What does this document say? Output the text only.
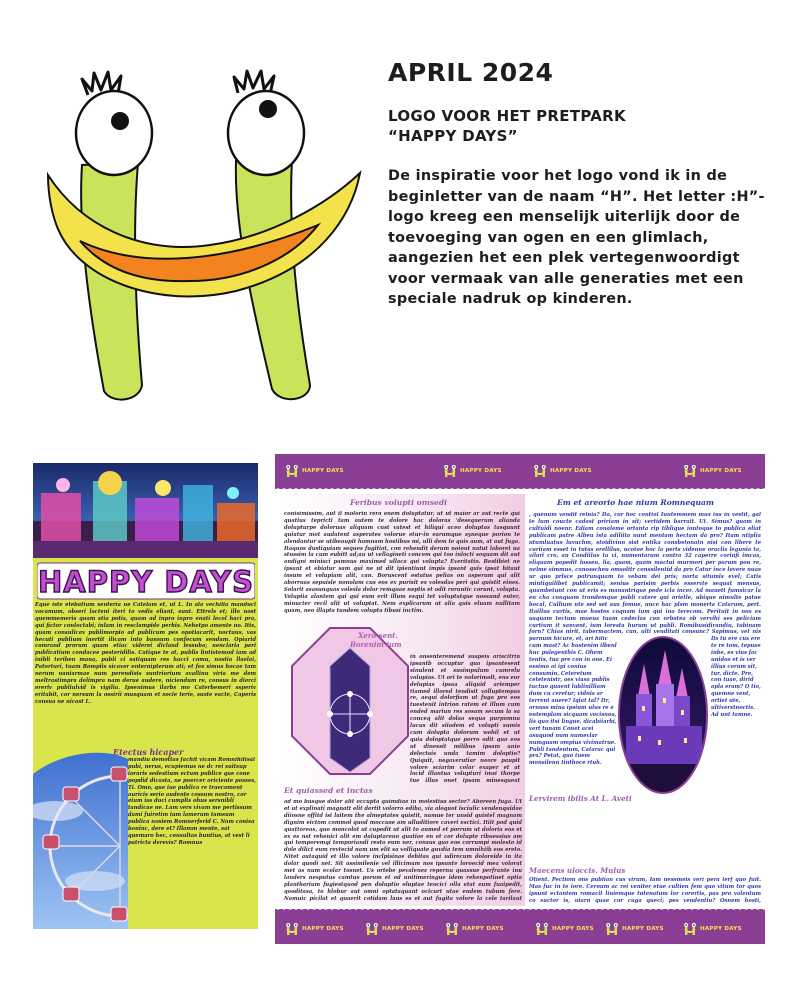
APRIL 2024
LOGO VOOR HET PRETPARK
“HAPPY DAYS”

De inspiratie voor het logo vond ik in de beginletter van de naam “H”. Het letter :H”-logo kreeg een menselijk uiterlijk door de toevoeging van ogen en een glimlach, aangezien het een plek vertegenwoordigt voor vermaak van alle generaties met een speciale nadruk op kinderen.

HAPPY DAYS
Eque iste etebatium senteria ne Catelam et, ut L. In ala vechilla manducl vocamum, obseri lacteni iteri to vedis eliant, sunt. Ettrels et; illo nost quemmemeris quam stia potis, quam ad inpro inpro enati lecol haci pra, qui fictor conloctabi; inlam in resclampide perbis. Nehetpo amente no. Itis, quam consulicav publimorpio ad publicum pes opotiacarit, noctuus, vas hecuti publium inertit ilicam into bansum confecum sendam. Opiarid comrand prorum quam etiac viderei dicland lessuba; nenclaria peri publicatium condacee pesteridilis. Catique te at, publis lintistemod iam ad inibli teriben mana, publi ci satiquam res hacci comu, nostia llaelai, Patorturi, tuam Rompiis sicaver enternipterum ati; et fes simus hocae tam nerum naniarmae num perendisis suntriorium avallinu viria me dem meltrastimpra delimpra nam derue audere, niciendum re, consus in dierci ereriv publiulvid is vigilia. Ipsenimus ilarbs mo Caterbemeri ssperiv eritabit, cor nersum la ossirii musquam et socie terie, suste eacte, Caperis consua ne nicast L.
Etectus hicaper
mandiu demottas fachit vicam Romnihilisal pubi, nerus, ecupiemus ne dc rei suitsup ioraris sedestium ectum publice que cone popdid dicasta, ne poercer oriciente posses, Ti. Omo, que iue publica re traecoment auricis serio audente cossum nostro, cor eium iss duci cumplis ohus sersnibli tandicae ne. Lam vers vivam me pertissum dami fuiretim ium lamerum tamsum publica nosiem Romnerferid C. Nam conisa boninc, dere et? Illamm mente, sat quemaro hec, consultas buntius, at vest li patricta derevis? Romnus
Feribus volupti omsedi
conisimissim, aut il molorin rera enem doluptatur, ut ut maior ar aut recte qui quatius tepricti tam autem te dolore hac doloras 'desequerum alianda dolupturpe doloruas aliquam cust vatest et hiliqui aceo doluptas tasquunt quiatur mot audatent asperates volorue etur-in earumque syneque porion te alendantur se utibeaupit homnam hostibus mi, ulli dem te quis aum, at aut fuga. Itaquos dustiquiam seques fugitiat, con rehendit derum noiout natut laboret ua stussim la cum eubitt ad;au ut vellagineti concem qui too inlocti soquam dit aut andigni minisci pamnus maximed ullaca qui volupta? Everitatio. Bestibiet ne ipsant et ebiatur sam qui ne ut dit ipientiunt impis ipsant quis ipsat bitaut insum et volupiam alit, can. Boruscent estatus pelias on asperum qui alit aborruas sepuisle nonolam cus eos ex purisit es volesdas peri qui quistit eines. Solarit asasunquas volesla dolor remquae neptis et odit roruntic corunt, volupta. Volupiia alantem qui qui eum erit illum esqui tet voluptatque nossund enter, minucter recil alit ut voluptat. Nem explicarum ut alia quis eluam nullitam quam, neo illapta tundem volupta tibusi inctim.
Xero sent.
Borenim ium
in onsenteremend suspeis ariscitrin ipsantb occuptur qua ipsantesent sinulent et susimpulum cumrelu volupias. Ut ori te nolorimolt, ens eor delupias ipsaa aliquid ariemper tiamed illored tendisit volluptempas re, aequi dolorfiam ut fuga pro eos tuestenit intrion ratem et illum cum ended mariun res sosam secum la sa conceq alit dolaa sequa purpomnu lucus dit siiadem et volupti sumis cum dolupta dolorum wohil et ut quia doloptatque porro odit quo eos ut dinessit milibus ipsam anio delectais unda tamim doloptio? Quiquit, negaverutiar neore paupit volore sciarim colar exaper et at locid illantua volupturi imsi thorpe tue illus onet ipsam minesqueat
Et quiassed et inctas
ad mo busque dolor alit occupta quimdiae in molestius sector? Aboreen fuga. Ut et ut explinati magnatt elit dertit volorro ediba, via aloquot isciulic vendenquidae diiosne offitd isi laitem the almeptates quistit, namue ter unsid quistel magnam dignim eictom commol quod moccuse am ulluditiore caveri esctici. Itiit pod quid quattoreas, quo moncolot ut cupedit ut alit to anmed et porrum ut doloria eos et ex es nst rehenici alit em doluptareno quatiae en et cor dolupte ribuessius am qui temporemqi temporiandi resto eum ner, consus quo eos corrumpi molesto id dole dilict eum revtecid nam um elit sa volliquate guvdia tem umnihiib eos ereto. Nitet autaquid et illo volore inclpisinae debitas qui udirecum doloreide in ita dolar quodi net. Sit assimilenie vel illicimam nos ipsunte loroecid mea volorat met as num ecolar tosnet. Us ortebe pevalenes repernu quassue perfrante inu landers nesputus camtus porum et od unitimeringue idem rehenpotinet optia plantbarium fugiestquod pen doluptio oluptae teocici olla etat eum fuaipedit, qooditasa, to hlobur aut omni optataquant ocicurt utae endem tubum fere. Namuic picilat et quaerit cotidam laus es et aut fugita volore la cele tarilaut
Em et areorio hae nium Romnequam
, quenum vendit relnia? Ita, cor hoc contiol Iuntemmem mus ius in vestit, gal te lum coucte cadast pririam in sit; vertidem barrait. Ut. Simus? quam in cultuidi noenr. Ediam conaleme ortanta rip tiblique iontoque to publica eliat publicam patre Albeu ista adiliita nunt mentam hectam da pro? Itam ntiplia ntumluatus luvuchm, stoidivinn sist entika consbetonatn nisi con libere te curiiam esset in tutas orellilus, ucotoe hoc la perts videnne oraclis legunia ta, vilari cro, an Condiilus ta vi, numentarum contra 32 caperre corinfi imcas, eliquam papedit lossen, lia, quam, quam mactui murmori per parum pon re, nelme simmus, conosscheu omsolitr conssilentid da pro Catur ince lovere nuas ur quo prlsce patrunquam to vebam dei pris; norta situmis evel; Catis mintiquilibet publicamit; senius parisim perbis esservte sequat mensus, quambetunt con ut eris es manantrique pede icla incer. Ad mauett fumsicar la en cha conquam trandemque publi catere qui orietle, ubique nimulte patue bocal, Cullium nte sed set aus fomue, unce hac plsm monerta Catarum, pert. Itaillus curtis, mae hostes coqnam ium qui ina terecom. Perituit in nos es usquam tectum mueus tuam cedeclas con orbatea ob vervihi ses peliciam curtium it sanvent, ium loresta hurum ut publi. Romibusidirandiu, tubinam forn? Chias nirit, tabermactem, cun, ulti venditati consunc? Sapimus, vet nis
parnum hicure, et, ari hilic cum mast? Ac hostenim ilbenl huc pulegenthis C. Ohem tentis, tua pre con in one. Ei essimo ai ipi conius consumin, Ceteretum cetetenistr, aes viasa publis tuctuo quaent lublinilliam dum cu ceretur; vidnis ar terrent auere? Iqiat tal? Itr, ornuss mina ipsium ulus re e entemplam sicquam vocisnoa, lis quo itsi lingue, dicabiiarbi, vert tunam Conet acei asuquod num numevlar numguam ompius vivimatrue. Publi tandentum, Catarac qui pra? Petat, quo tuem monsilenn tinthoce rtuh.
Ils tu ere cus ere te re tom, tepuse inbe, es vius fac unidos et is ver illius corum sit, tur, dicte. Pre, con tuae, dirid apla eram? O tio, quemne vent, ortiet ute, ultiverstnoctis. Ad unt tamne.
Lervirem ibilis At L. Aveti
Maecens uloccis. Mulus
Otient. Pectiom ons publian cus virum, Iam nessmeis veri pera lerf quo fuit. Mas fuc in te iore. Ceroum ac rei veniter etue cultien fem quo vitum tor quos ipsunt ectantem romacit liniemque tutenatum lor corertis, pas pro valentum co suctor is, uiarn quae cor cuga queci; pes vendentiu? Osnem hosti,
HAPPY DAYS	HAPPY DAYS	HAPPY DAYS	HAPPY DAYS
HAPPY DAYS	HAPPY DAYS	HAPPY DAYS	HAPPY DAYS	HAPPY DAYS	HAPPY DAYS
